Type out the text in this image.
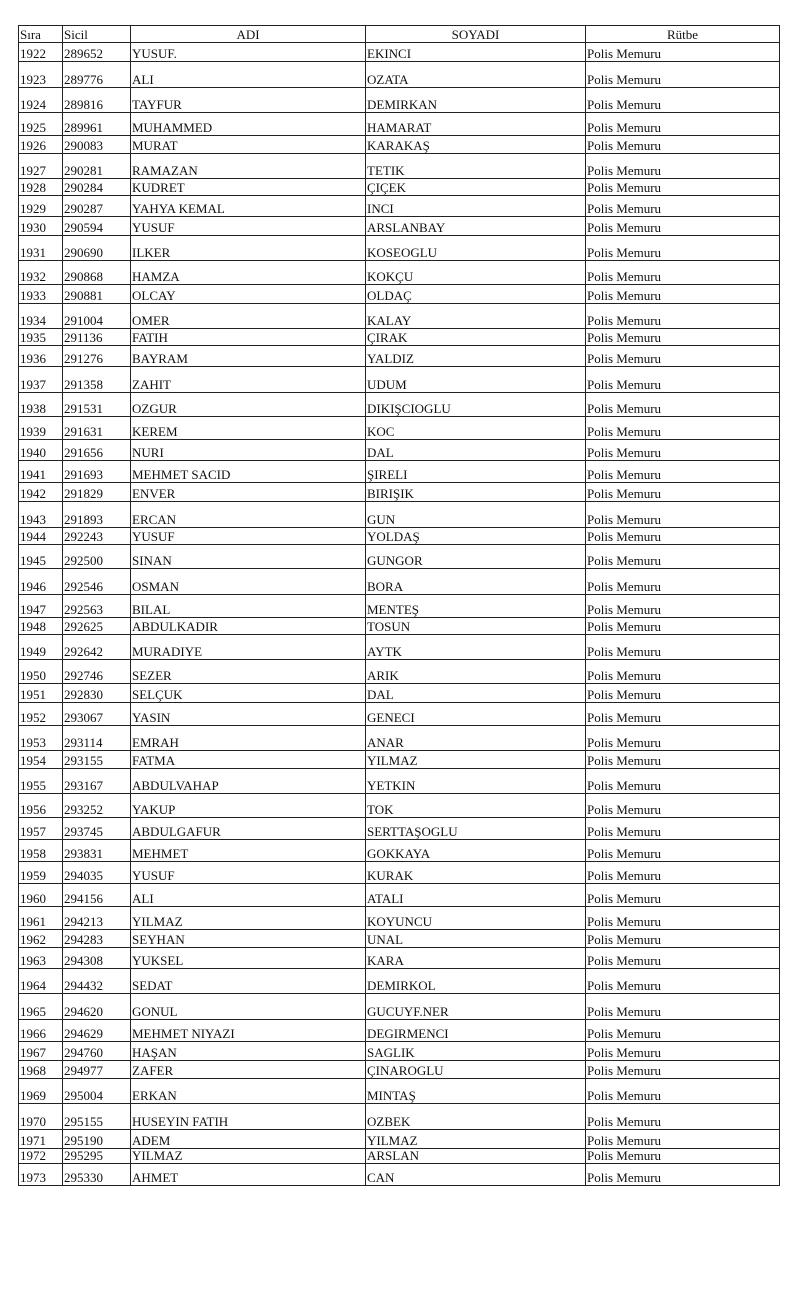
Sıra	Sicil	ADI	SOYADI	Rütbe
1922	289652	YUSUF.	EKINCI	Polis Memuru
1923	289776	ALI	OZATA	Polis Memuru
1924	289816	TAYFUR	DEMIRKAN	Polis Memuru
1925	289961	MUHAMMED	HAMARAT	Polis Memuru
1926	290083	MURAT	KARAKAŞ	Polis Memuru
1927	290281	RAMAZAN	TETIK	Polis Memuru
1928	290284	KUDRET	ÇIÇEK	Polis Memuru
1929	290287	YAHYA KEMAL	INCI	Polis Memuru
1930	290594	YUSUF	ARSLANBAY	Polis Memuru
1931	290690	ILKER	KOSEOGLU	Polis Memuru
1932	290868	HAMZA	KOKÇU	Polis Memuru
1933	290881	OLCAY	OLDAÇ	Polis Memuru
1934	291004	OMER	KALAY	Polis Memuru
1935	291136	FATIH	ÇIRAK	Polis Memuru
1936	291276	BAYRAM	YALDIZ	Polis Memuru
1937	291358	ZAHIT	UDUM	Polis Memuru
1938	291531	OZGUR	DIKIŞCIOGLU	Polis Memuru
1939	291631	KEREM	KOC	Polis Memuru
1940	291656	NURI	DAL	Polis Memuru
1941	291693	MEHMET SACID	ŞIRELI	Polis Memuru
1942	291829	ENVER	BIRIŞIK	Polis Memuru
1943	291893	ERCAN	GUN	Polis Memuru
1944	292243	YUSUF	YOLDAŞ	Polis Memuru
1945	292500	SINAN	GUNGOR	Polis Memuru
1946	292546	OSMAN	BORA	Polis Memuru
1947	292563	BILAL	MENTEŞ	Polis Memuru
1948	292625	ABDULKADIR	TOSUN	Polis Memuru
1949	292642	MURADIYE	AYTK	Polis Memuru
1950	292746	SEZER	ARIK	Polis Memuru
1951	292830	SELÇUK	DAL	Polis Memuru
1952	293067	YASIN	GENECI	Polis Memuru
1953	293114	EMRAH	ANAR	Polis Memuru
1954	293155	FATMA	YILMAZ	Polis Memuru
1955	293167	ABDULVAHAP	YETKIN	Polis Memuru
1956	293252	YAKUP	TOK	Polis Memuru
1957	293745	ABDULGAFUR	SERTTAŞOGLU	Polis Memuru
1958	293831	MEHMET	GOKKAYA	Polis Memuru
1959	294035	YUSUF	KURAK	Polis Memuru
1960	294156	ALI	ATALI	Polis Memuru
1961	294213	YILMAZ	KOYUNCU	Polis Memuru
1962	294283	SEYHAN	UNAL	Polis Memuru
1963	294308	YUKSEL	KARA	Polis Memuru
1964	294432	SEDAT	DEMIRKOL	Polis Memuru
1965	294620	GONUL	GUCUYF.NER	Polis Memuru
1966	294629	MEHMET NIYAZI	DEGIRMENCI	Polis Memuru
1967	294760	HAŞAN	SAGLIK	Polis Memuru
1968	294977	ZAFER	ÇINAROGLU	Polis Memuru
1969	295004	ERKAN	MINTAŞ	Polis Memuru
1970	295155	HUSEYIN FATIH	OZBEK	Polis Memuru
1971	295190	ADEM	YILMAZ	Polis Memuru
1972	295295	YILMAZ	ARSLAN	Polis Memuru
1973	295330	AHMET	CAN	Polis Memuru
